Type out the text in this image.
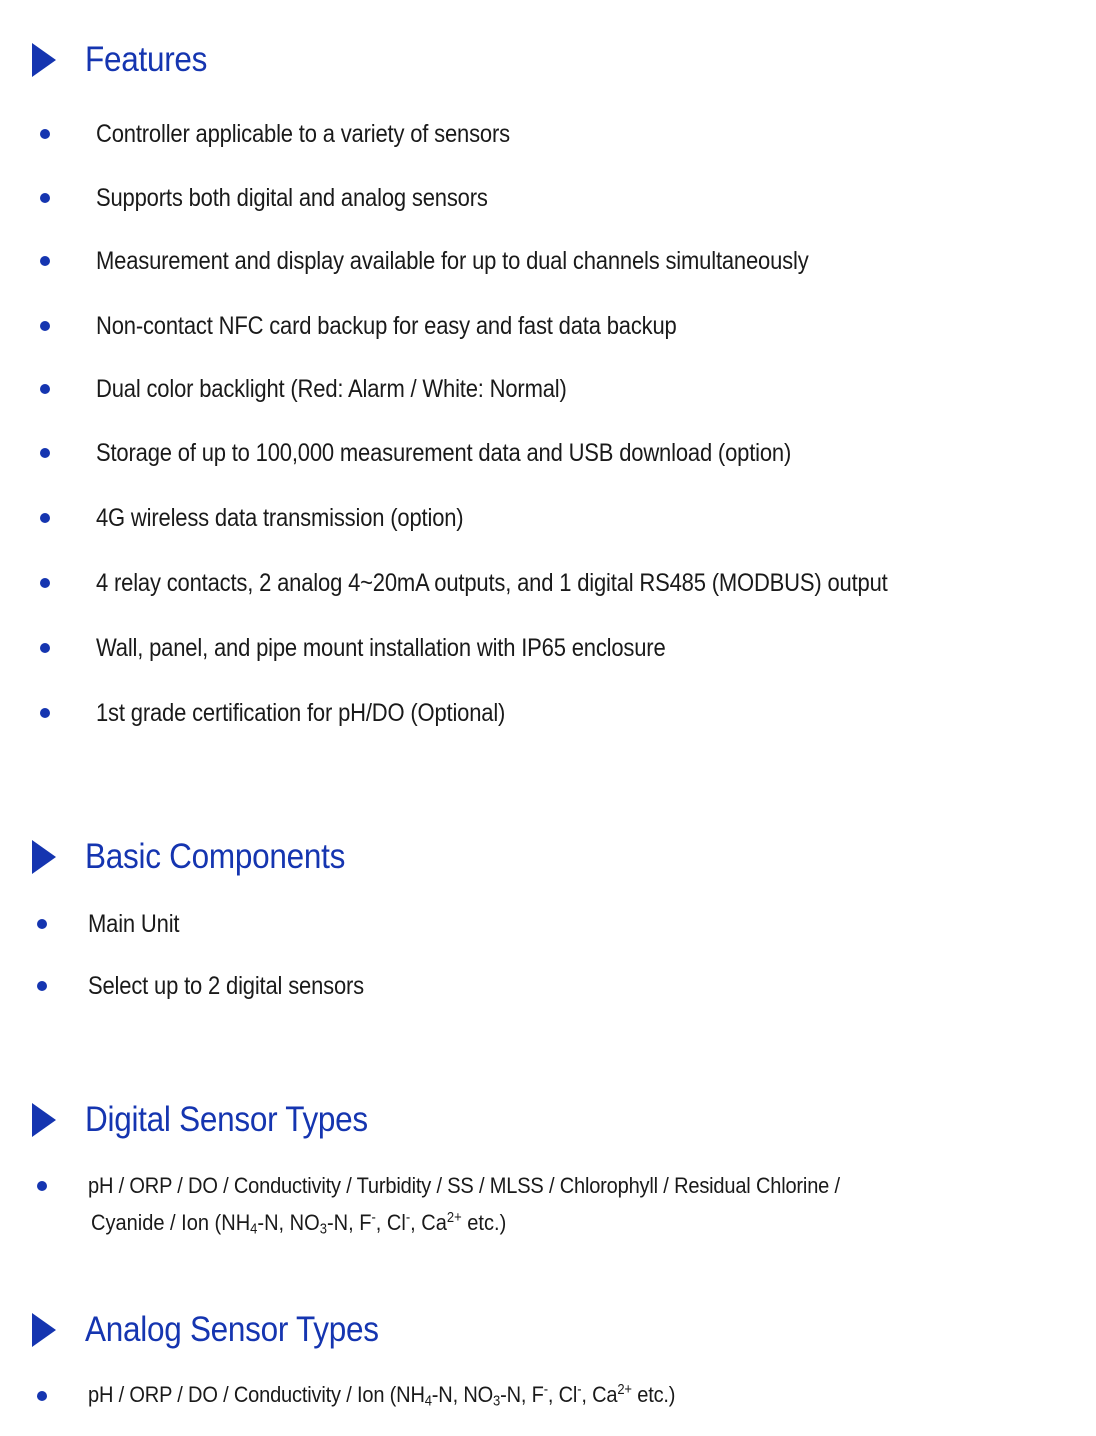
Features
Controller applicable to a variety of sensors
Supports both digital and analog sensors
Measurement and display available for up to dual channels simultaneously
Non-contact NFC card backup for easy and fast data backup
Dual color backlight (Red: Alarm / White: Normal)
Storage of up to 100,000 measurement data and USB download (option)
4G wireless data transmission (option)
4 relay contacts, 2 analog 4~20mA outputs, and 1 digital RS485 (MODBUS) output
Wall, panel, and pipe mount installation with IP65 enclosure
1st grade certification for pH/DO (Optional)
Basic Components
Main Unit
Select up to 2 digital sensors
Digital Sensor Types
pH / ORP / DO / Conductivity / Turbidity / SS / MLSS / Chlorophyll / Residual Chlorine /
Cyanide / Ion ($NH_4-N$, $NO_3-N$, F-, Cl-, $Ca^{2+}$ etc.)
Analog Sensor Types
pH / ORP / DO / Conductivity / Ion ($NH_4-N$, $NO_3-N$, F-, Cl-, $Ca^{2+}$ etc.)
